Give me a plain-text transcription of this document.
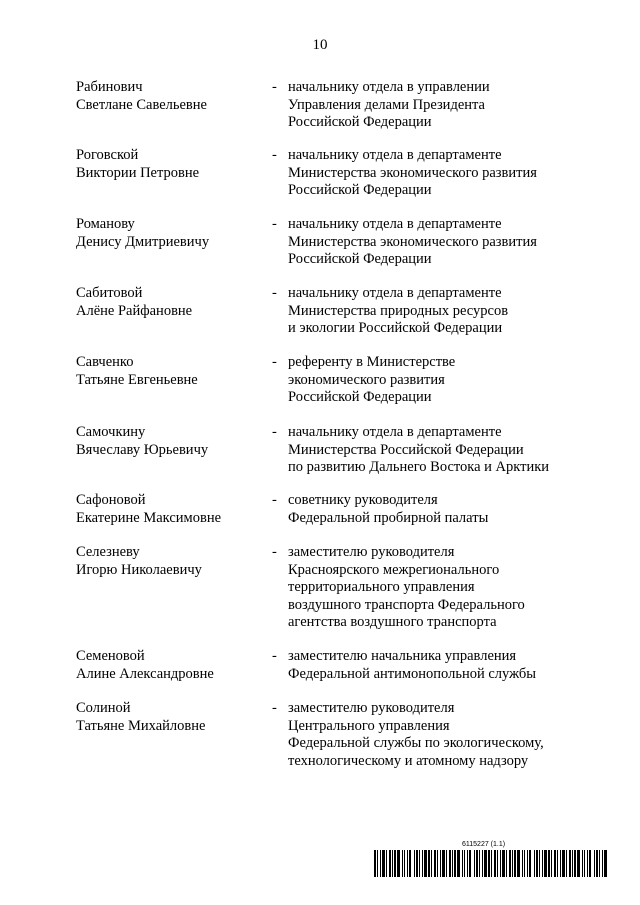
10
Рабинович
Светлане Савельевне
- начальнику отдела в управлении
Управления делами Президента
Российской Федерации
Роговской
Виктории Петровне
- начальнику отдела в департаменте
Министерства экономического развития
Российской Федерации
Романову
Денису Дмитриевичу
- начальнику отдела в департаменте
Министерства экономического развития
Российской Федерации
Сабитовой
Алёне Райфановне
- начальнику отдела в департаменте
Министерства природных ресурсов
и экологии Российской Федерации
Савченко
Татьяне Евгеньевне
- референту в Министерстве
экономического развития
Российской Федерации
Самочкину
Вячеславу Юрьевичу
- начальнику отдела в департаменте
Министерства Российской Федерации
по развитию Дальнего Востока и Арктики
Сафоновой
Екатерине Максимовне
- советнику руководителя
Федеральной пробирной палаты
Селезневу
Игорю Николаевичу
- заместителю руководителя
Красноярского межрегионального
территориального управления
воздушного транспорта Федерального
агентства воздушного транспорта
Семеновой
Алине Александровне
- заместителю начальника управления
Федеральной антимонопольной службы
Солиной
Татьяне Михайловне
- заместителю руководителя
Центрального управления
Федеральной службы по экологическому,
технологическому и атомному надзору
6115227 (1.1)
